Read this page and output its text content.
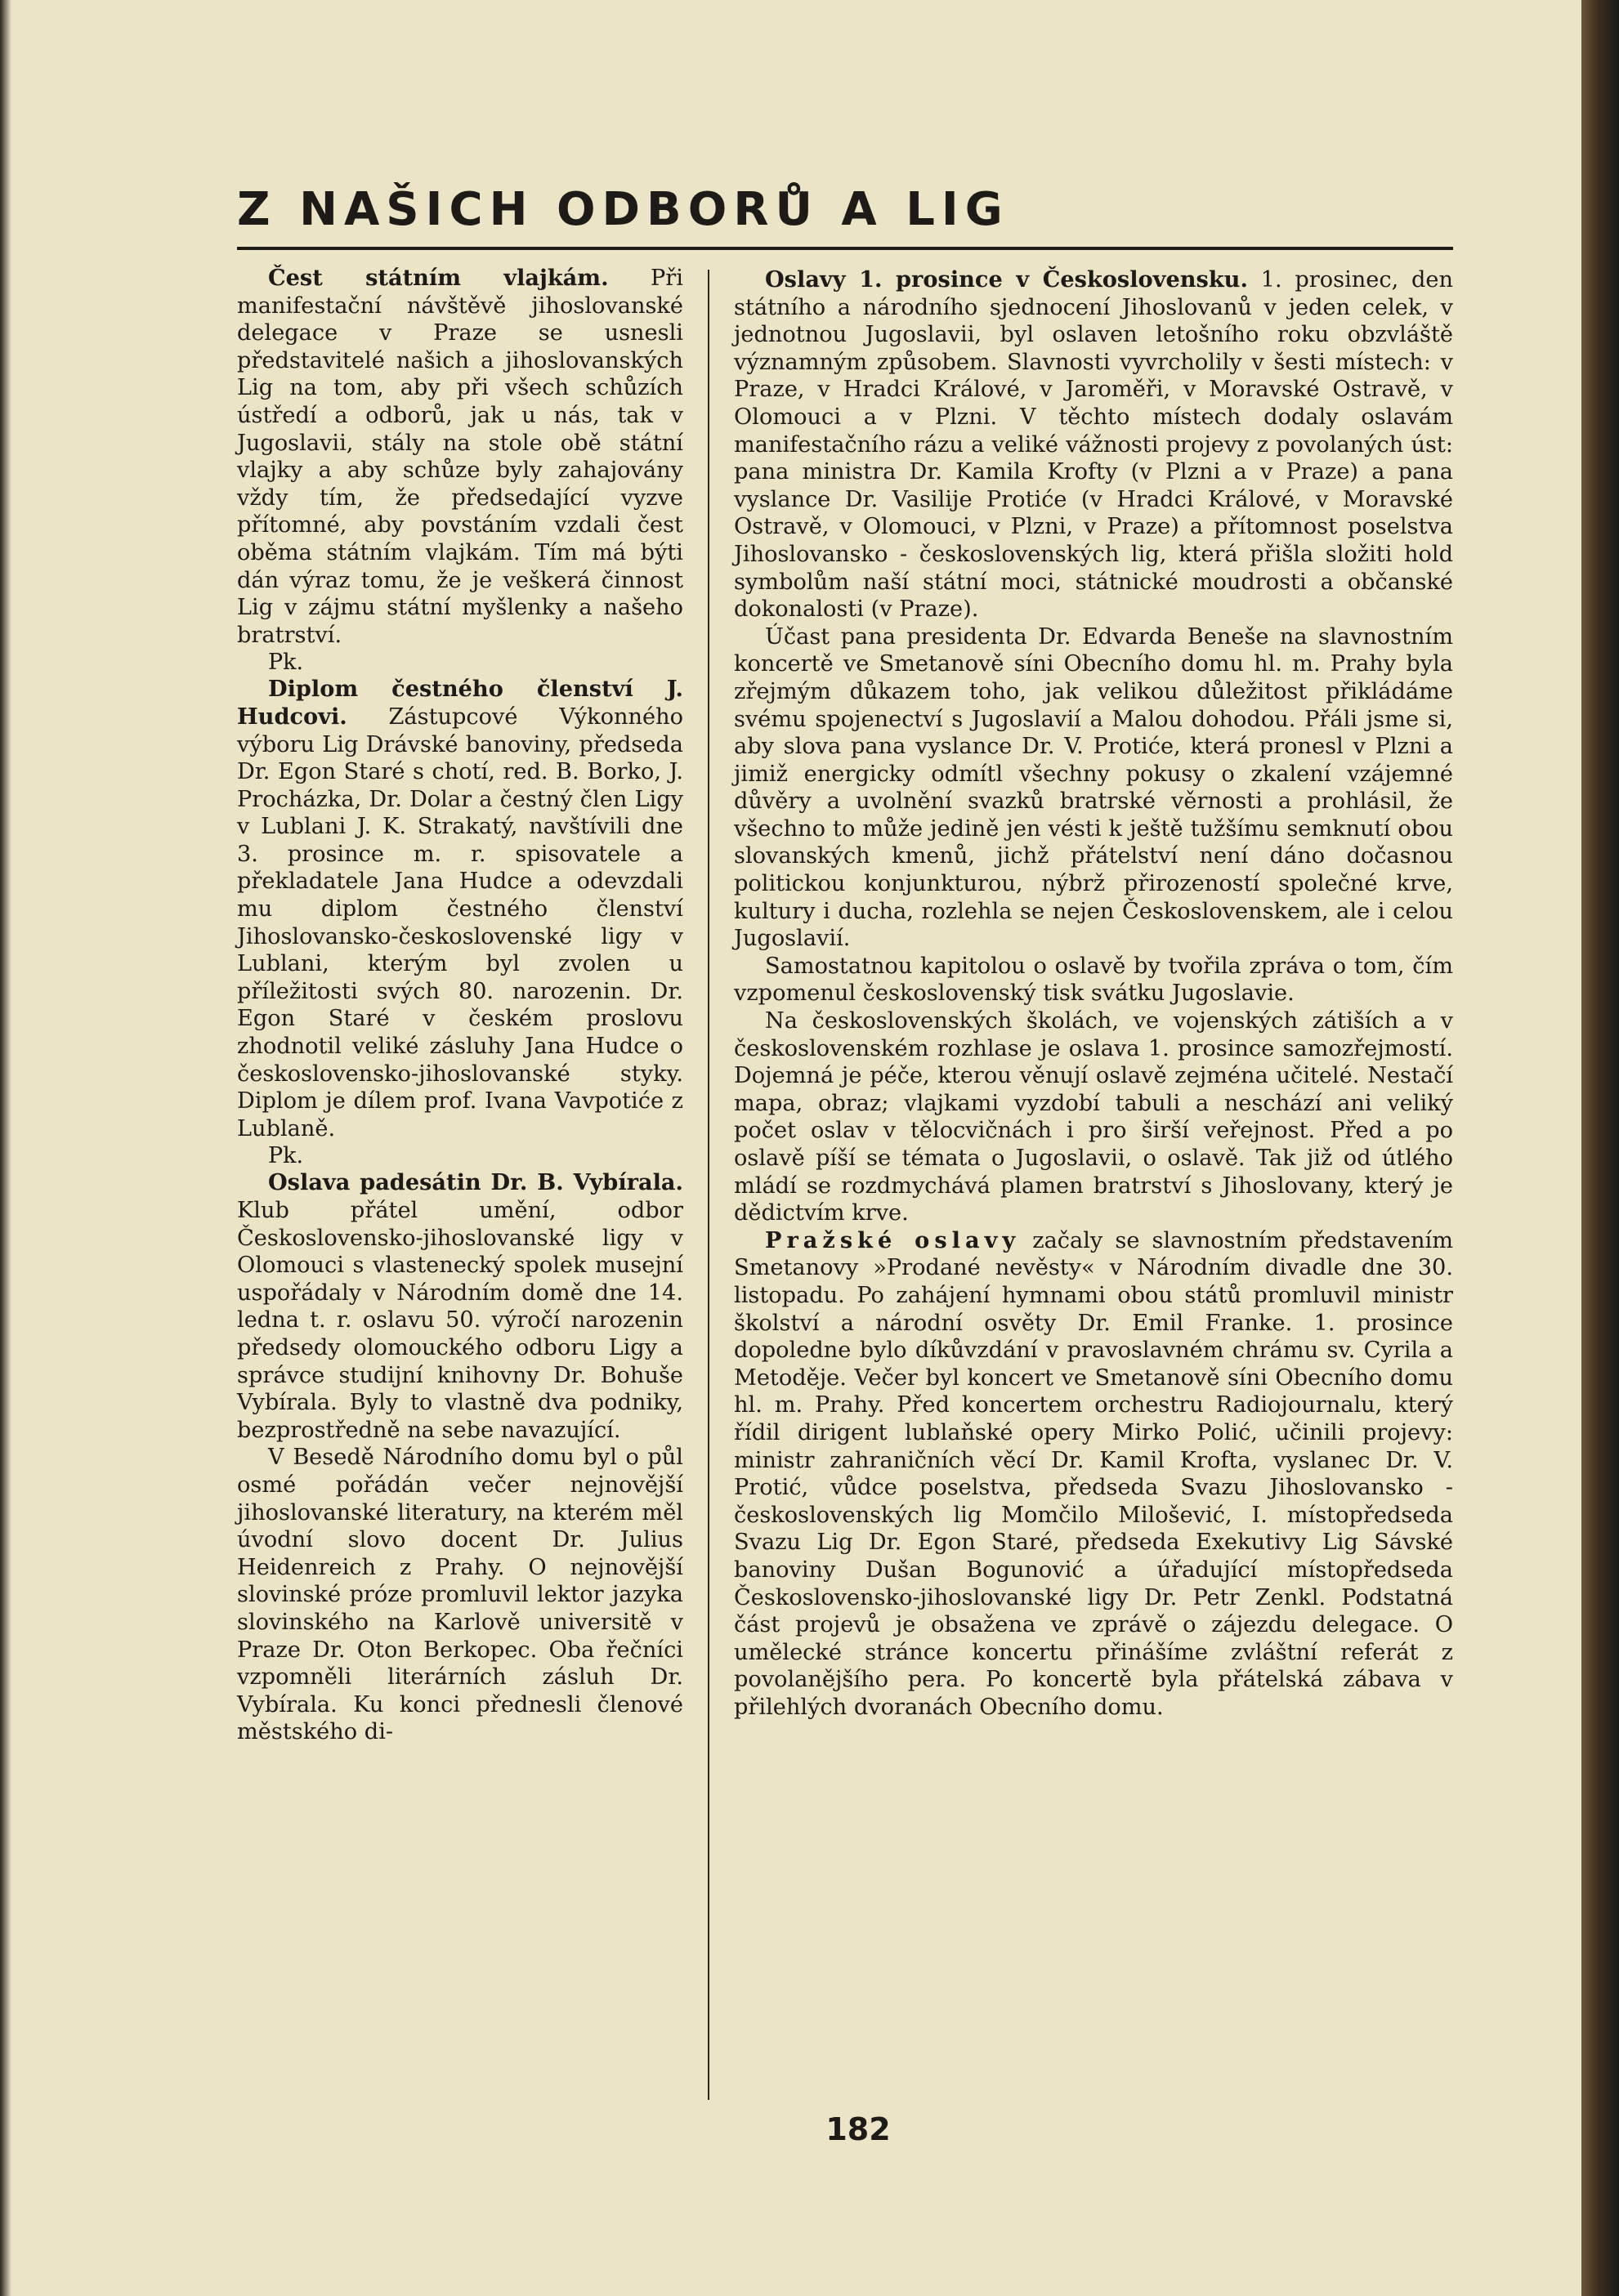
Z NAŠICH ODBORŮ A LIG

Čest státním vlajkám. Při manifestační návštěvě jihoslovanské delegace v Praze se usnesli představitelé našich a jihoslovanských Lig na tom, aby při všech schůzích ústředí a odborů, jak u nás, tak v Jugoslavii, stály na stole obě státní vlajky a aby schůze byly zahajovány vždy tím, že předsedající vyzve přítomné, aby povstáním vzdali čest oběma státním vlajkám. Tím má býti dán výraz tomu, že je veškerá činnost Lig v zájmu státní myšlenky a našeho bratrství.

Pk.

Diplom čestného členství J. Hudcovi. Zástupcové Výkonného výboru Lig Drávské banoviny, předseda Dr. Egon Staré s chotí, red. B. Borko, J. Procházka, Dr. Dolar a čestný člen Ligy v Lublani J. K. Strakatý, navštívili dne 3. prosince m. r. spisovatele a překladatele Jana Hudce a odevzdali mu diplom čestného členství Jihoslovansko-československé ligy v Lublani, kterým byl zvolen u příležitosti svých 80. narozenin. Dr. Egon Staré v českém proslovu zhodnotil veliké zásluhy Jana Hudce o československo-jihoslovanské styky. Diplom je dílem prof. Ivana Vavpotiće z Lublaně.

Pk.

Oslava padesátin Dr. B. Vybírala. Klub přátel umění, odbor Československo-jihoslovanské ligy v Olomouci s vlastenecký spolek musejní uspořádaly v Národním domě dne 14. ledna t. r. oslavu 50. výročí narozenin předsedy olomouckého odboru Ligy a správce studijní knihovny Dr. Bohuše Vybírala. Byly to vlastně dva podniky, bezprostředně na sebe navazující.

V Besedě Národního domu byl o půl osmé pořádán večer nejnovější jihoslovanské literatury, na kterém měl úvodní slovo docent Dr. Julius Heidenreich z Prahy. O nejnovější slovinské próze promluvil lektor jazyka slovinského na Karlově universitě v Praze Dr. Oton Berkopec. Oba řečníci vzpomněli literárních zásluh Dr. Vybírala. Ku konci přednesli členové městského di-

Oslavy 1. prosince v Československu. 1. prosinec, den státního a národního sjednocení Jihoslovanů v jeden celek, v jednotnou Jugoslavii, byl oslaven letošního roku obzvláště významným způsobem. Slavnosti vyvrcholily v šesti místech: v Praze, v Hradci Králové, v Jaroměři, v Moravské Ostravě, v Olomouci a v Plzni. V těchto místech dodaly oslavám manifestačního rázu a veliké vážnosti projevy z povolaných úst: pana ministra Dr. Kamila Krofty (v Plzni a v Praze) a pana vyslance Dr. Vasilije Protiće (v Hradci Králové, v Moravské Ostravě, v Olomouci, v Plzni, v Praze) a přítomnost poselstva Jihoslovansko - československých lig, která přišla složiti hold symbolům naší státní moci, státnické moudrosti a občanské dokonalosti (v Praze).

Účast pana presidenta Dr. Edvarda Beneše na slavnostním koncertě ve Smetanově síni Obecního domu hl. m. Prahy byla zřejmým důkazem toho, jak velikou důležitost přikládáme svému spojenectví s Jugoslavií a Malou dohodou. Přáli jsme si, aby slova pana vyslance Dr. V. Protiće, která pronesl v Plzni a jimiž energicky odmítl všechny pokusy o zkalení vzájemné důvěry a uvolnění svazků bratrské věrnosti a prohlásil, že všechno to může jedině jen vésti k ještě tužšímu semknutí obou slovanských kmenů, jichž přátelství není dáno dočasnou politickou konjunkturou, nýbrž přirozeností společné krve, kultury i ducha, rozlehla se nejen Československem, ale i celou Jugoslavií.

Samostatnou kapitolou o oslavě by tvořila zpráva o tom, čím vzpomenul československý tisk svátku Jugoslavie.

Na československých školách, ve vojenských zátiších a v československém rozhlase je oslava 1. prosince samozřejmostí. Dojemná je péče, kterou věnují oslavě zejména učitelé. Nestačí mapa, obraz; vlajkami vyzdobí tabuli a neschází ani veliký počet oslav v tělocvičnách i pro širší veřejnost. Před a po oslavě píší se témata o Jugoslavii, o oslavě. Tak již od útlého mládí se rozdmychává plamen bratrství s Jihoslovany, který je dědictvím krve.

Pražské oslavy začaly se slavnostním představením Smetanovy »Prodané nevěsty« v Národním divadle dne 30. listopadu. Po zahájení hymnami obou států promluvil ministr školství a národní osvěty Dr. Emil Franke. 1. prosince dopoledne bylo díkůvzdání v pravoslavném chrámu sv. Cyrila a Metoděje. Večer byl koncert ve Smetanově síni Obecního domu hl. m. Prahy. Před koncertem orchestru Radiojournalu, který řídil dirigent lublaňské opery Mirko Polić, učinili projevy: ministr zahraničních věcí Dr. Kamil Krofta, vyslanec Dr. V. Protić, vůdce poselstva, předseda Svazu Jihoslovansko - československých lig Momčilo Milošević, I. místopředseda Svazu Lig Dr. Egon Staré, předseda Exekutivy Lig Sávské banoviny Dušan Bogunović a úřadující místopředseda Československo-jihoslovanské ligy Dr. Petr Zenkl. Podstatná část projevů je obsažena ve zprávě o zájezdu delegace. O umělecké stránce koncertu přinášíme zvláštní referát z povolanějšího pera. Po koncertě byla přátelská zábava v přilehlých dvoranách Obecního domu.

182
